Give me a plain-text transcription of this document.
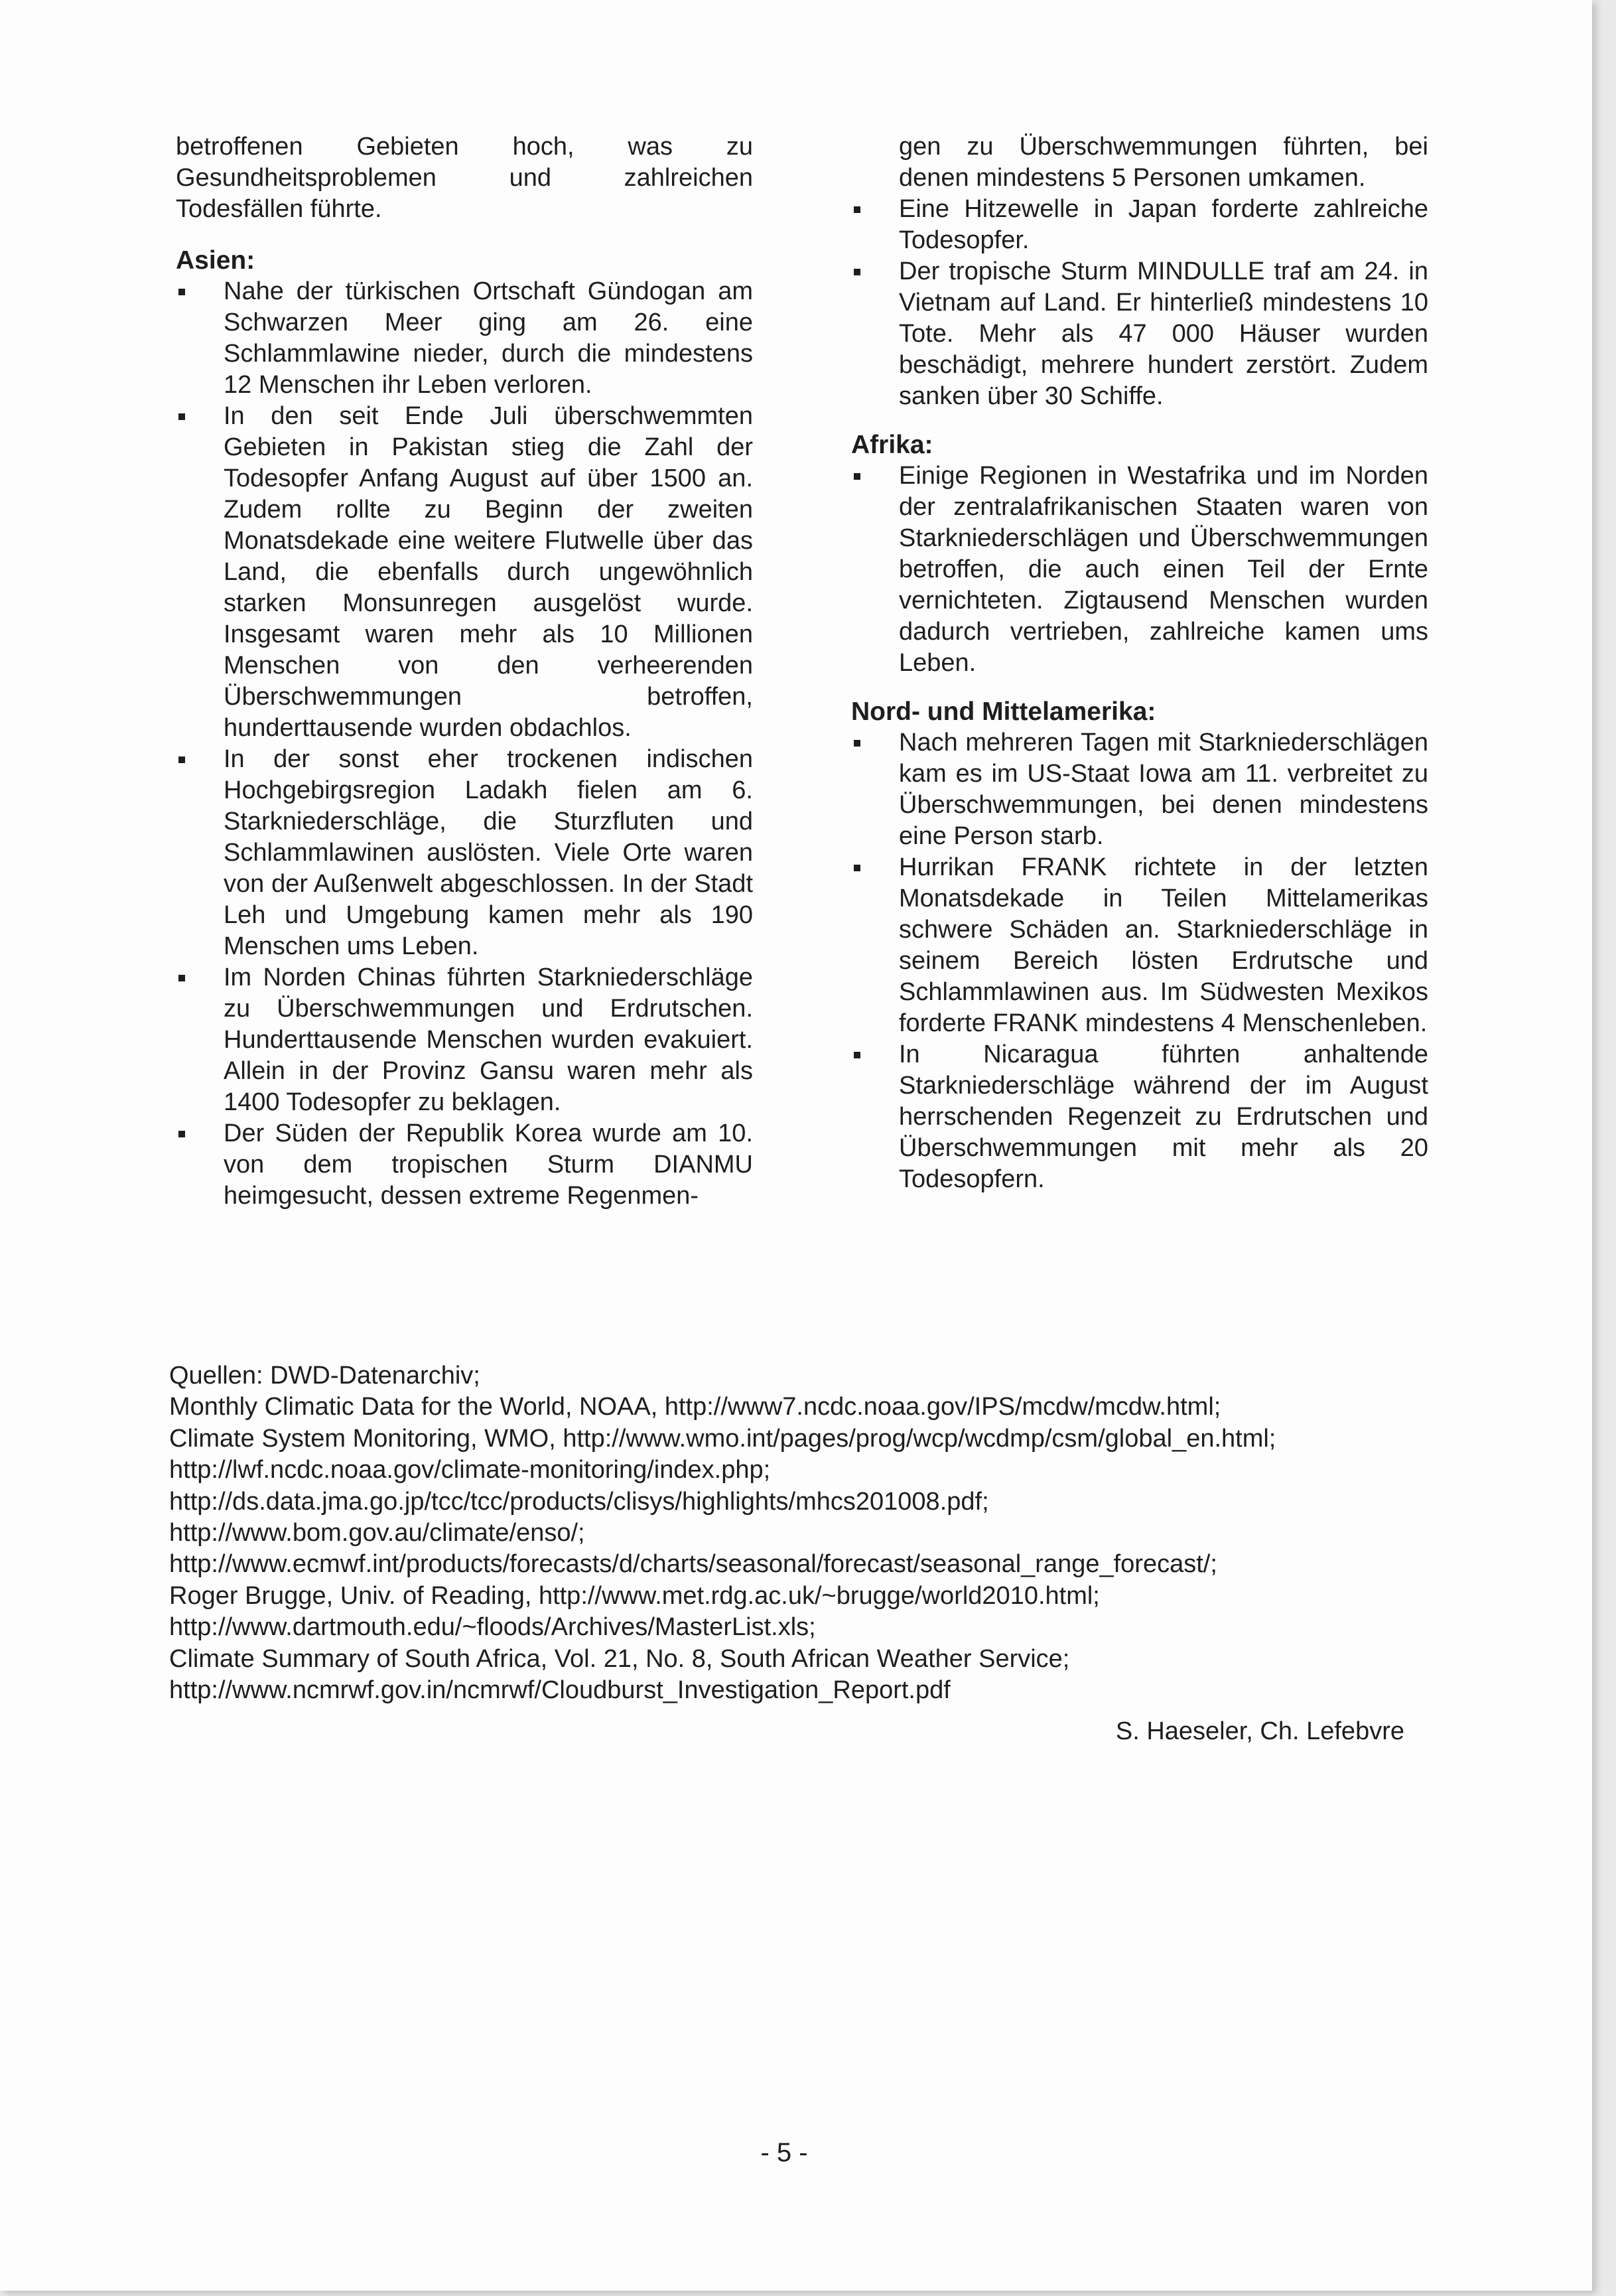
betroffenen Gebieten hoch, was zu Gesundheitsproblemen und zahlreichen Todesfällen führte.

Asien:

Nahe der türkischen Ortschaft Gündogan am Schwarzen Meer ging am 26. eine Schlammlawine nieder, durch die mindestens 12 Menschen ihr Leben verloren.
In den seit Ende Juli überschwemmten Gebieten in Pakistan stieg die Zahl der Todesopfer Anfang August auf über 1500 an. Zudem rollte zu Beginn der zweiten Monatsdekade eine weitere Flutwelle über das Land, die ebenfalls durch ungewöhnlich starken Monsunregen ausgelöst wurde. Insgesamt waren mehr als 10 Millionen Menschen von den verheerenden Überschwemmungen betroffen, hunderttausende wurden obdachlos.
In der sonst eher trockenen indischen Hochgebirgsregion Ladakh fielen am 6. Starkniederschläge, die Sturzfluten und Schlammlawinen auslösten. Viele Orte waren von der Außenwelt abgeschlossen. In der Stadt Leh und Umgebung kamen mehr als 190 Menschen ums Leben.
Im Norden Chinas führten Starkniederschläge zu Überschwemmungen und Erdrutschen. Hunderttausende Menschen wurden evakuiert. Allein in der Provinz Gansu waren mehr als 1400 Todesopfer zu beklagen.
Der Süden der Republik Korea wurde am 10. von dem tropischen Sturm DIANMU heimgesucht, dessen extreme Regenmen-
gen zu Überschwemmungen führten, bei denen mindestens 5 Personen umkamen.
Eine Hitzewelle in Japan forderte zahlreiche Todesopfer.
Der tropische Sturm MINDULLE traf am 24. in Vietnam auf Land. Er hinterließ mindestens 10 Tote. Mehr als 47 000 Häuser wurden beschädigt, mehrere hundert zerstört. Zudem sanken über 30 Schiffe.

Afrika:

Einige Regionen in Westafrika und im Norden der zentralafrikanischen Staaten waren von Starkniederschlägen und Überschwemmungen betroffen, die auch einen Teil der Ernte vernichteten. Zigtausend Menschen wurden dadurch vertrieben, zahlreiche kamen ums Leben.

Nord- und Mittelamerika:

Nach mehreren Tagen mit Starkniederschlägen kam es im US-Staat Iowa am 11. verbreitet zu Überschwemmungen, bei denen mindestens eine Person starb.
Hurrikan FRANK richtete in der letzten Monatsdekade in Teilen Mittelamerikas schwere Schäden an. Starkniederschläge in seinem Bereich lösten Erdrutsche und Schlammlawinen aus. Im Südwesten Mexikos forderte FRANK mindestens 4 Menschenleben.
In Nicaragua führten anhaltende Starkniederschläge während der im August herrschenden Regenzeit zu Erdrutschen und Überschwemmungen mit mehr als 20 Todesopfern.
Quellen: DWD-Datenarchiv;
Monthly Climatic Data for the World, NOAA, http://www7.ncdc.noaa.gov/IPS/mcdw/mcdw.html;
Climate System Monitoring, WMO, http://www.wmo.int/pages/prog/wcp/wcdmp/csm/global_en.html;
http://lwf.ncdc.noaa.gov/climate-monitoring/index.php;
http://ds.data.jma.go.jp/tcc/tcc/products/clisys/highlights/mhcs201008.pdf;
http://www.bom.gov.au/climate/enso/;
http://www.ecmwf.int/products/forecasts/d/charts/seasonal/forecast/seasonal_range_forecast/;
Roger Brugge, Univ. of Reading, http://www.met.rdg.ac.uk/~brugge/world2010.html;
http://www.dartmouth.edu/~floods/Archives/MasterList.xls;
Climate Summary of South Africa, Vol. 21, No. 8, South African Weather Service;
http://www.ncmrwf.gov.in/ncmrwf/Cloudburst_Investigation_Report.pdf
S. Haeseler, Ch. Lefebvre
- 5 -
